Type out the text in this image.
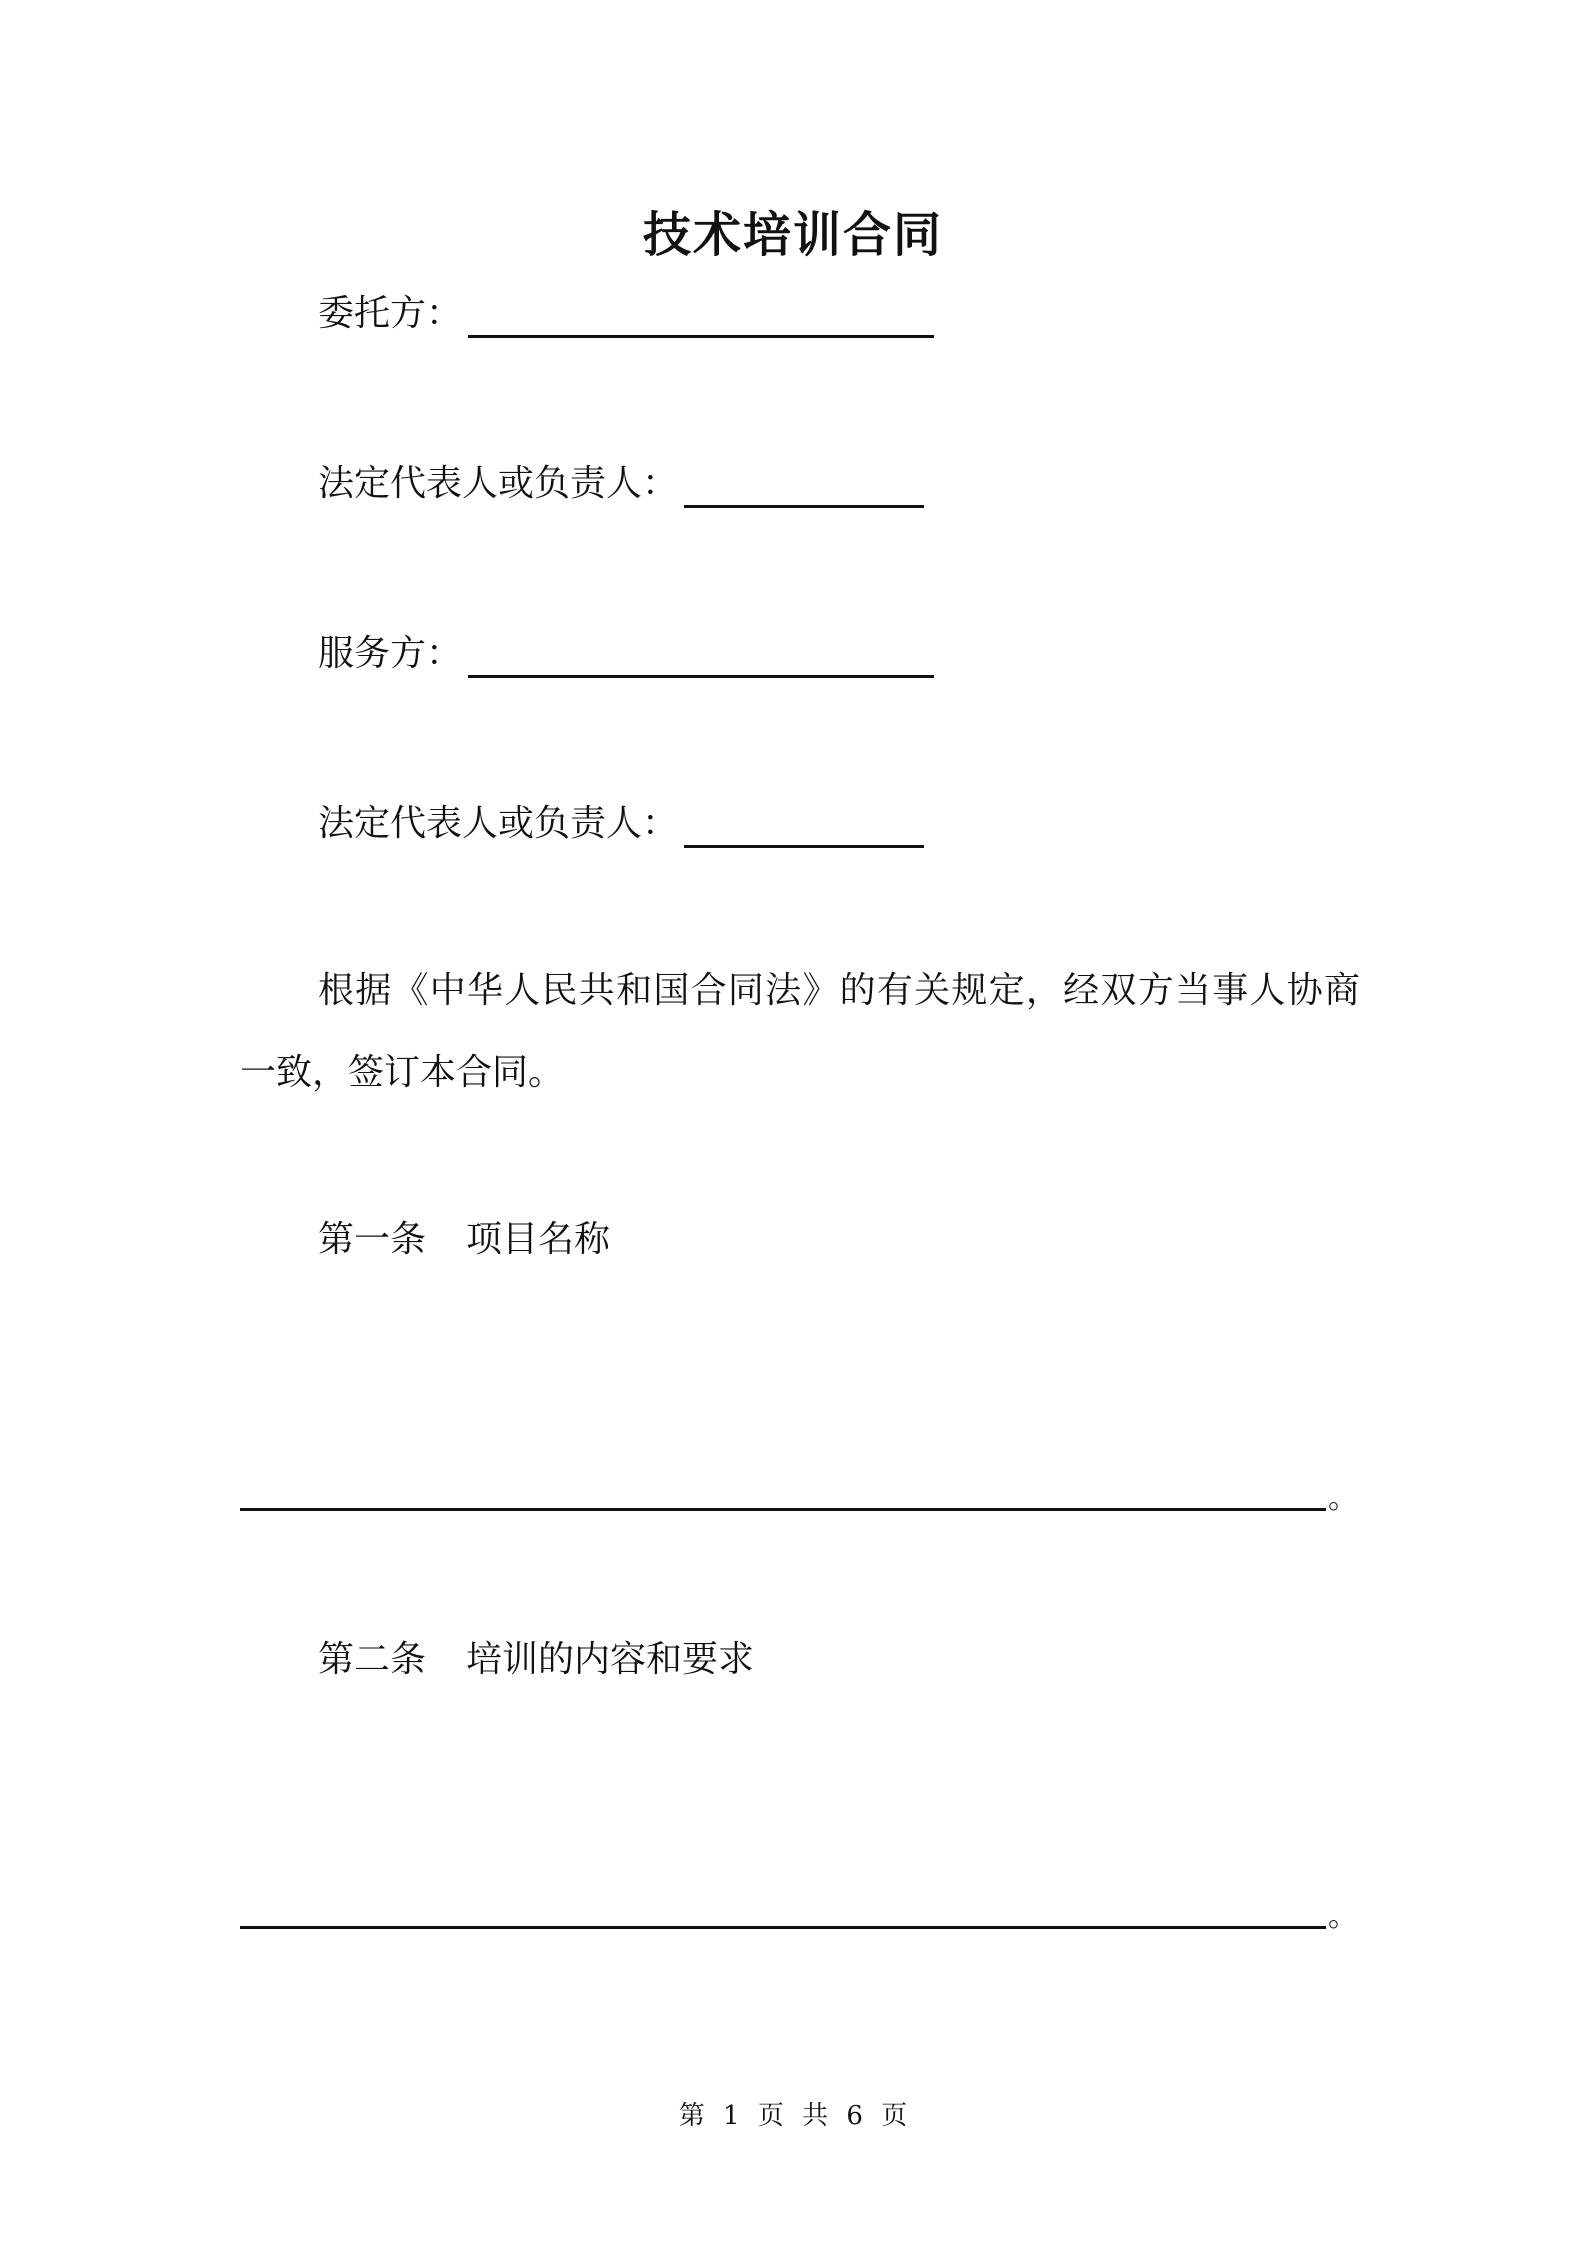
技术培训合同
委托方：
法定代表人或负责人：
服务方：
法定代表人或负责人：
根据《中华人民共和国合同法》的有关规定，经双方当事人协商一致，签订本合同。
第一条 项目名称
。
第二条 培训的内容和要求
。
第 1 页 共 6 页
